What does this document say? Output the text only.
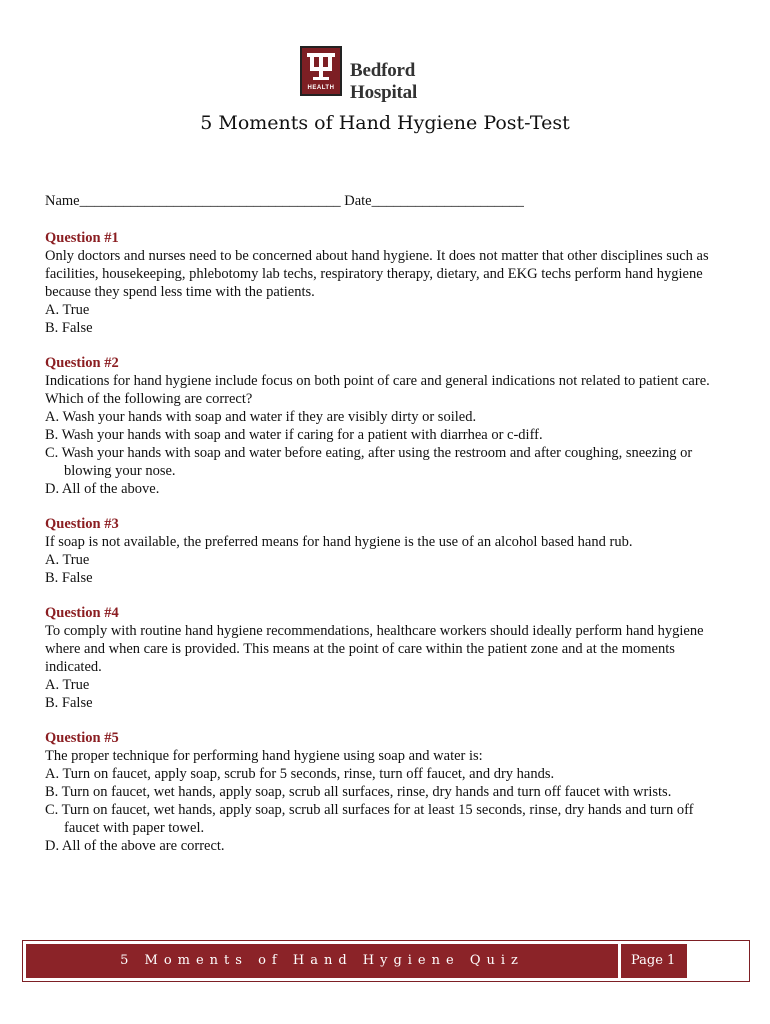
HEALTH
Bedford Hospital
5 Moments of Hand Hygiene Post-Test
Name____________________________________ Date_____________________
Question #1
Only doctors and nurses need to be concerned about hand hygiene. It does not matter that other disciplines such as facilities, housekeeping, phlebotomy lab techs, respiratory therapy, dietary, and EKG techs perform hand hygiene because they spend less time with the patients.
A. True
B. False
Question #2
Indications for hand hygiene include focus on both point of care and general indications not related to patient care. Which of the following are correct?
A. Wash your hands with soap and water if they are visibly dirty or soiled.
B. Wash your hands with soap and water if caring for a patient with diarrhea or c-diff.
C. Wash your hands with soap and water before eating, after using the restroom and after coughing, sneezing or
blowing your nose.
D. All of the above.
Question #3
If soap is not available, the preferred means for hand hygiene is the use of an alcohol based hand rub.
A. True
B. False
Question #4
To comply with routine hand hygiene recommendations, healthcare workers should ideally perform hand hygiene where and when care is provided. This means at the point of care within the patient zone and at the moments indicated.
A. True
B. False
Question #5
The proper technique for performing hand hygiene using soap and water is:
A. Turn on faucet, apply soap, scrub for 5 seconds, rinse, turn off faucet, and dry hands.
B. Turn on faucet, wet hands, apply soap, scrub all surfaces, rinse, dry hands and turn off faucet with wrists.
C. Turn on faucet, wet hands, apply soap, scrub all surfaces for at least 15 seconds, rinse, dry hands and turn off
faucet with paper towel.
D. All of the above are correct.
5 Moments of Hand Hygiene Quiz	Page 1
